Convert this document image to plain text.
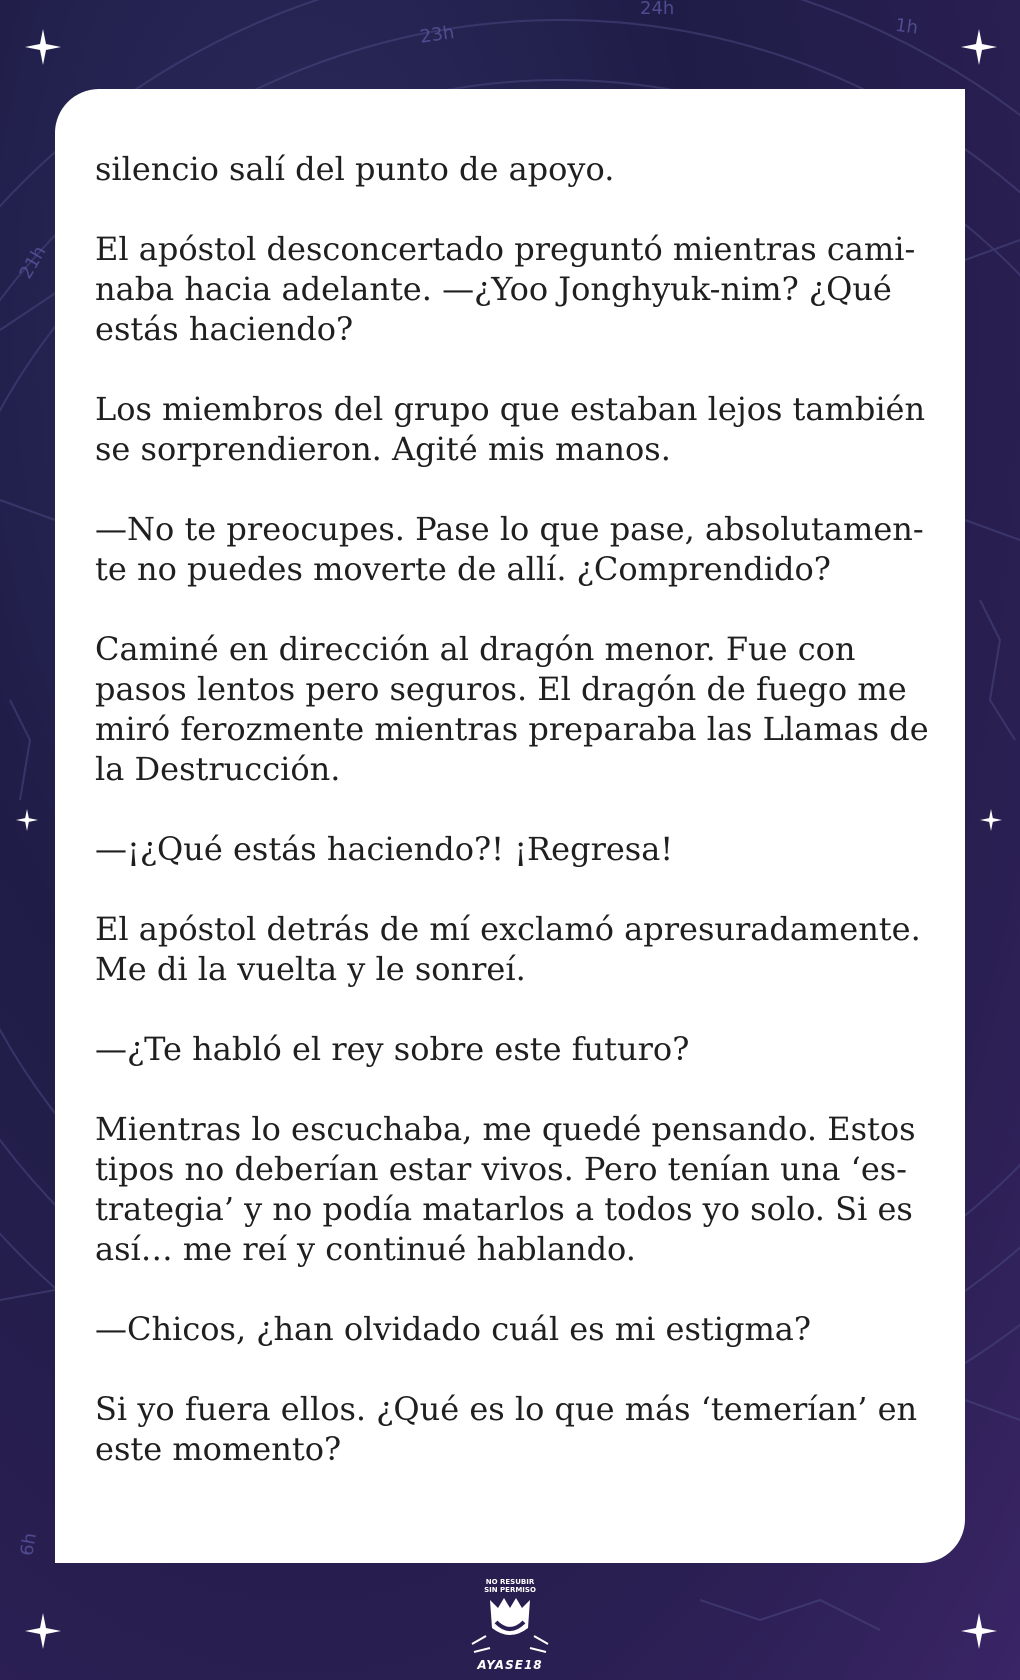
23h
24h
1h
21h
6h

silencio salí del punto de apoyo.

El apóstol desconcertado preguntó mientras cami-
naba hacia adelante. —¿Yoo Jonghyuk-nim? ¿Qué
estás haciendo?

Los miembros del grupo que estaban lejos también
se sorprendieron. Agité mis manos.

—No te preocupes. Pase lo que pase, absolutamen-
te no puedes moverte de allí. ¿Comprendido?

Caminé en dirección al dragón menor. Fue con
pasos lentos pero seguros. El dragón de fuego me
miró ferozmente mientras preparaba las Llamas de
la Destrucción.

—¡¿Qué estás haciendo?! ¡Regresa!

El apóstol detrás de mí exclamó apresuradamente.
Me di la vuelta y le sonreí.

—¿Te habló el rey sobre este futuro?

Mientras lo escuchaba, me quedé pensando. Estos
tipos no deberían estar vivos. Pero tenían una ‘es-
trategia’ y no podía matarlos a todos yo solo. Si es
así… me reí y continué hablando.

—Chicos, ¿han olvidado cuál es mi estigma?

Si yo fuera ellos. ¿Qué es lo que más ‘temerían’ en
este momento?

NO RESUBIR
SIN PERMISO
AYASE18
